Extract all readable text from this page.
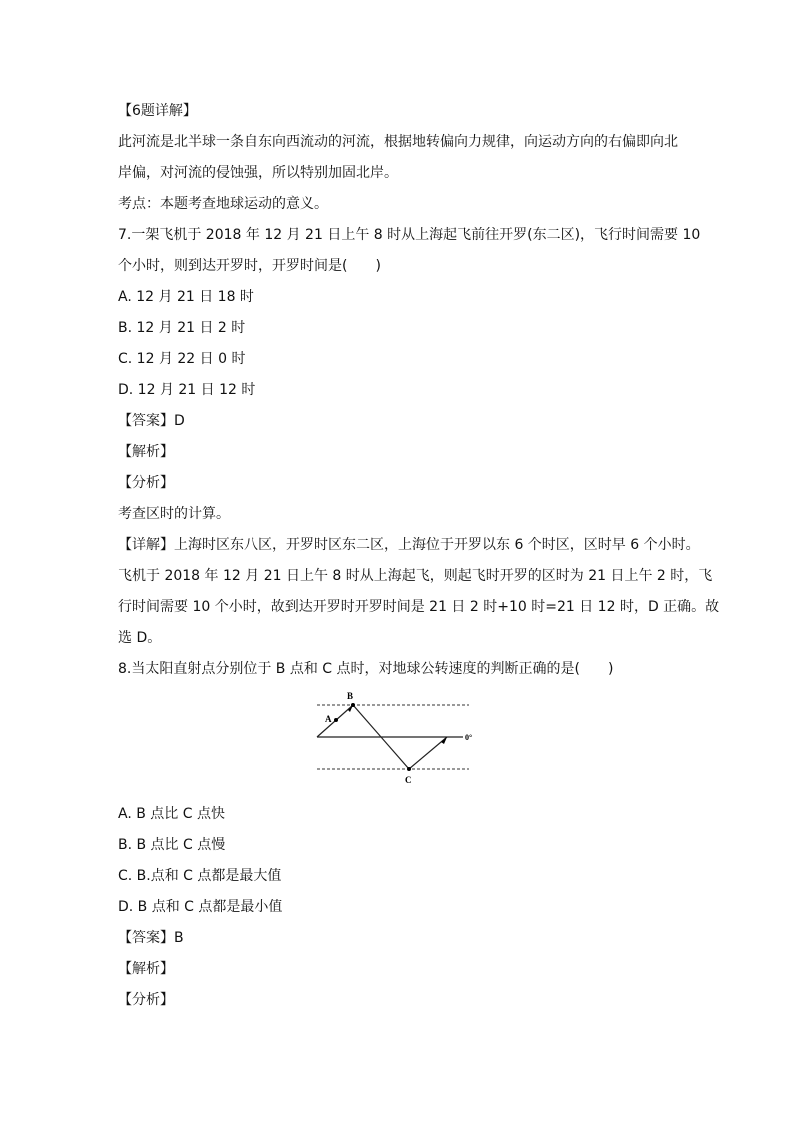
【6题详解】
此河流是北半球一条自东向西流动的河流，根据地转偏向力规律，向运动方向的右偏即向北
岸偏，对河流的侵蚀强，所以特别加固北岸。
考点：本题考查地球运动的意义。
7.一架飞机于 2018 年 12 月 21 日上午 8 时从上海起飞前往开罗(东二区)，飞行时间需要 10
个小时，则到达开罗时，开罗时间是(　　)
A. 12 月 21 日 18 时
B. 12 月 21 日 2 时
C. 12 月 22 日 0 时
D. 12 月 21 日 12 时
【答案】D
【解析】
【分析】
考查区时的计算。
【详解】上海时区东八区，开罗时区东二区，上海位于开罗以东 6 个时区，区时早 6 个小时。
飞机于 2018 年 12 月 21 日上午 8 时从上海起飞，则起飞时开罗的区时为 21 日上午 2 时，飞
行时间需要 10 个小时，故到达开罗时开罗时间是 21 日 2 时+10 时=21 日 12 时，D 正确。故
选 D。
8.当太阳直射点分别位于 B 点和 C 点时，对地球公转速度的判断正确的是(　　)
B
A
C
0°
A. B 点比 C 点快
B. B 点比 C 点慢
C. B.点和 C 点都是最大值
D. B 点和 C 点都是最小值
【答案】B
【解析】
【分析】
